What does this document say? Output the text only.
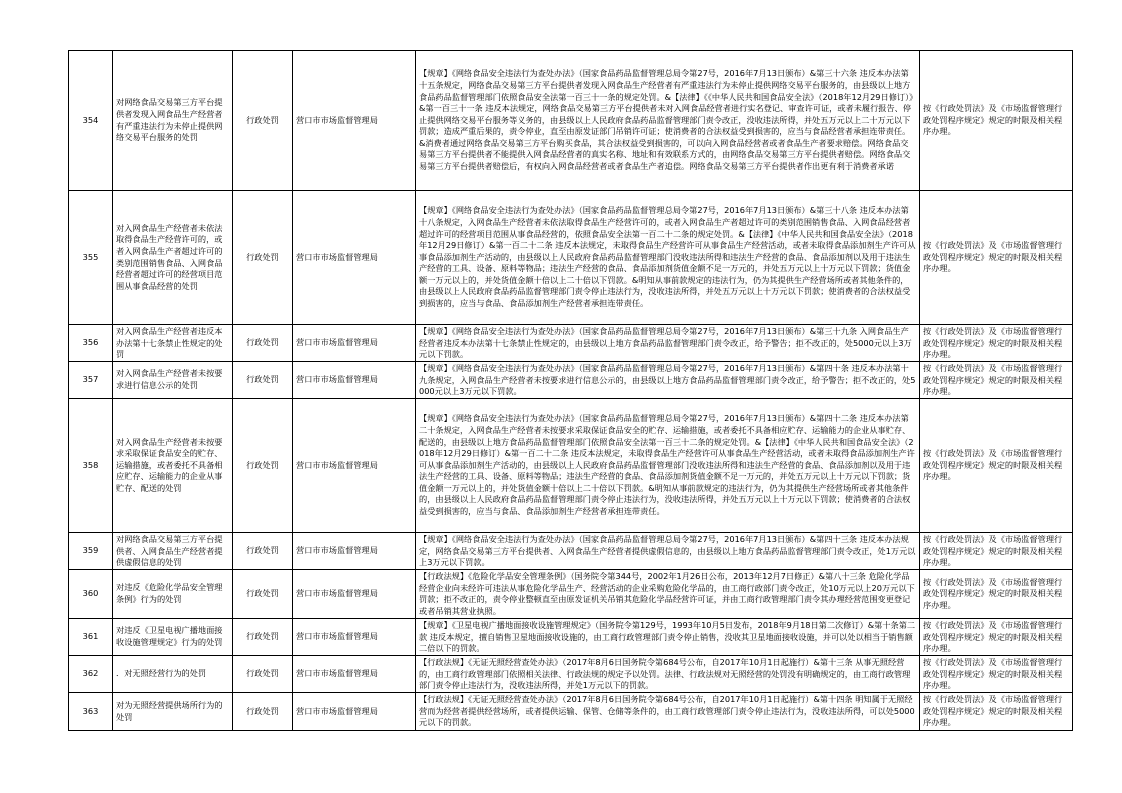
354	对网络食品交易第三方平台提供者发现入网食品生产经营者有严重违法行为未停止提供网络交易平台服务的处罚	行政处罚	营口市市场监督管理局	【规章】《网络食品安全违法行为查处办法》（国家食品药品监督管理总局令第27号，2016年7月13日颁布）&第三十六条 违反本办法第十五条规定，网络食品交易第三方平台提供者发现入网食品生产经营者有严重违法行为未停止提供网络交易平台服务的，由县级以上地方食品药品监督管理部门依照食品安全法第一百三十一条的规定处罚。&【法律】《《中华人民共和国食品安全法》（2018年12月29日修订）》&第一百三十一条 违反本法规定，网络食品交易第三方平台提供者未对入网食品经营者进行实名登记、审查许可证，或者未履行报告、停止提供网络交易平台服务等义务的，由县级以上人民政府食品药品监督管理部门责令改正，没收违法所得，并处五万元以上二十万元以下罚款；造成严重后果的，责令停业，直至由原发证部门吊销许可证；使消费者的合法权益受到损害的，应当与食品经营者承担连带责任。&消费者通过网络食品交易第三方平台购买食品，其合法权益受到损害的，可以向入网食品经营者或者食品生产者要求赔偿。网络食品交易第三方平台提供者不能提供入网食品经营者的真实名称、地址和有效联系方式的，由网络食品交易第三方平台提供者赔偿。网络食品交易第三方平台提供者赔偿后，有权向入网食品经营者或者食品生产者追偿。网络食品交易第三方平台提供者作出更有利于消费者承诺	按《行政处罚法》及《市场监督管理行政处罚程序规定》规定的时限及相关程序办理。

355	对入网食品生产经营者未依法取得食品生产经营许可的，或者入网食品生产者超过许可的类别范围销售食品、入网食品经营者超过许可的经营项目范围从事食品经营的处罚	行政处罚	营口市市场监督管理局	【规章】《网络食品安全违法行为查处办法》（国家食品药品监督管理总局令第27号，2016年7月13日颁布）&第三十八条 违反本办法第十八条规定，入网食品生产经营者未依法取得食品生产经营许可的，或者入网食品生产者超过许可的类别范围销售食品、入网食品经营者超过许可的经营项目范围从事食品经营的，依照食品安全法第一百二十二条的规定处罚。&【法律】《中华人民共和国食品安全法》（2018年12月29日修订）&第一百二十二条 违反本法规定，未取得食品生产经营许可从事食品生产经营活动，或者未取得食品添加剂生产许可从事食品添加剂生产活动的，由县级以上人民政府食品药品监督管理部门没收违法所得和违法生产经营的食品、食品添加剂以及用于违法生产经营的工具、设备、原料等物品；违法生产经营的食品、食品添加剂货值金额不足一万元的，并处五万元以上十万元以下罚款；货值金额一万元以上的，并处货值金额十倍以上二十倍以下罚款。&明知从事前款规定的违法行为，仍为其提供生产经营场所或者其他条件的，由县级以上人民政府食品药品监督管理部门责令停止违法行为，没收违法所得，并处五万元以上十万元以下罚款；使消费者的合法权益受到损害的，应当与食品、食品添加剂生产经营者承担连带责任。	按《行政处罚法》及《市场监督管理行政处罚程序规定》规定的时限及相关程序办理。

356	对入网食品生产经营者违反本办法第十七条禁止性规定的处罚	行政处罚	营口市市场监督管理局	【规章】《网络食品安全违法行为查处办法》（国家食品药品监督管理总局令第27号，2016年7月13日颁布）&第三十九条 入网食品生产经营者违反本办法第十七条禁止性规定的，由县级以上地方食品药品监督管理部门责令改正，给予警告；拒不改正的，处5000元以上3万元以下罚款。	按《行政处罚法》及《市场监督管理行政处罚程序规定》规定的时限及相关程序办理。

357	对入网食品生产经营者未按要求进行信息公示的处罚	行政处罚	营口市市场监督管理局	【规章】《网络食品安全违法行为查处办法》（国家食品药品监督管理总局令第27号，2016年7月13日颁布）&第四十条 违反本办法第十九条规定，入网食品生产经营者未按要求进行信息公示的，由县级以上地方食品药品监督管理部门责令改正，给予警告；拒不改正的，处5000元以上3万元以下罚款。	按《行政处罚法》及《市场监督管理行政处罚程序规定》规定的时限及相关程序办理。

358	对入网食品生产经营者未按要求采取保证食品安全的贮存、运输措施，或者委托不具备相应贮存、运输能力的企业从事贮存、配送的处罚	行政处罚	营口市市场监督管理局	【规章】《网络食品安全违法行为查处办法》（国家食品药品监督管理总局令第27号，2016年7月13日颁布）&第四十二条 违反本办法第二十条规定，入网食品生产经营者未按要求采取保证食品安全的贮存、运输措施，或者委托不具备相应贮存、运输能力的企业从事贮存、配送的，由县级以上地方食品药品监督管理部门依照食品安全法第一百三十二条的规定处罚。&【法律】《中华人民共和国食品安全法》（2018年12月29日修订）&第一百二十二条 违反本法规定，未取得食品生产经营许可从事食品生产经营活动，或者未取得食品添加剂生产许可从事食品添加剂生产活动的，由县级以上人民政府食品药品监督管理部门没收违法所得和违法生产经营的食品、食品添加剂以及用于违法生产经营的工具、设备、原料等物品；违法生产经营的食品、食品添加剂货值金额不足一万元的，并处五万元以上十万元以下罚款；货值金额一万元以上的，并处货值金额十倍以上二十倍以下罚款。&明知从事前款规定的违法行为，仍为其提供生产经营场所或者其他条件的，由县级以上人民政府食品药品监督管理部门责令停止违法行为，没收违法所得，并处五万元以上十万元以下罚款；使消费者的合法权益受到损害的，应当与食品、食品添加剂生产经营者承担连带责任。	按《行政处罚法》及《市场监督管理行政处罚程序规定》规定的时限及相关程序办理。

359	对网络食品交易第三方平台提供者、入网食品生产经营者提供虚假信息的处罚	行政处罚	营口市市场监督管理局	【规章】《网络食品安全违法行为查处办法》（国家食品药品监督管理总局令第27号，2016年7月13日颁布）&第四十三条 违反本办法规定，网络食品交易第三方平台提供者、入网食品生产经营者提供虚假信息的，由县级以上地方食品药品监督管理部门责令改正，处1万元以上3万元以下罚款。	按《行政处罚法》及《市场监督管理行政处罚程序规定》规定的时限及相关程序办理。

360	对违反《危险化学品安全管理条例》行为的处罚	行政处罚	营口市市场监督管理局	【行政法规】《危险化学品安全管理条例》（国务院令第344号，2002年1月26日公布，2013年12月7日修正）&第八十三条 危险化学品经营企业向未经许可违法从事危险化学品生产、经营活动的企业采购危险化学品的，由工商行政部门责令改正，处10万元以上20万元以下罚款；拒不改正的，责令停业整顿直至由原发证机关吊销其危险化学品经营许可证，并由工商行政管理部门责令其办理经营范围变更登记或者吊销其营业执照。	按《行政处罚法》及《市场监督管理行政处罚程序规定》规定的时限及相关程序办理。

361	对违反《卫星电视广播地面接收设施管理规定》行为的处罚	行政处罚	营口市市场监督管理局	【规章】《卫星电视广播地面接收设施管理规定》（国务院令第129号，1993年10月5日发布，2018年9月18日第二次修订）&第十条第二款 违反本规定，擅自销售卫星地面接收设施的，由工商行政管理部门责令停止销售，没收其卫星地面接收设施，并可以处以相当于销售额二倍以下的罚款。	按《行政处罚法》及《市场监督管理行政处罚程序规定》规定的时限及相关程序办理。

362	．对无照经营行为的处罚	行政处罚	营口市市场监督管理局	【行政法规】《无证无照经营查处办法》（2017年8月6日国务院令第684号公布，自2017年10月1日起施行）&第十三条 从事无照经营的，由工商行政管理部门依照相关法律、行政法规的规定予以处罚。法律、行政法规对无照经营的处罚没有明确规定的，由工商行政管理部门责令停止违法行为，没收违法所得，并处1万元以下的罚款。	按《行政处罚法》及《市场监督管理行政处罚程序规定》规定的时限及相关程序办理。

363	对为无照经营提供场所行为的处罚	行政处罚	营口市市场监督管理局	【行政法规】《无证无照经营查处办法》（2017年8月6日国务院令第684号公布，自2017年10月1日起施行）&第十四条 明知属于无照经营而为经营者提供经营场所，或者提供运输、保管、仓储等条件的，由工商行政管理部门责令停止违法行为，没收违法所得，可以处5000元以下的罚款。	按《行政处罚法》及《市场监督管理行政处罚程序规定》规定的时限及相关程序办理。
